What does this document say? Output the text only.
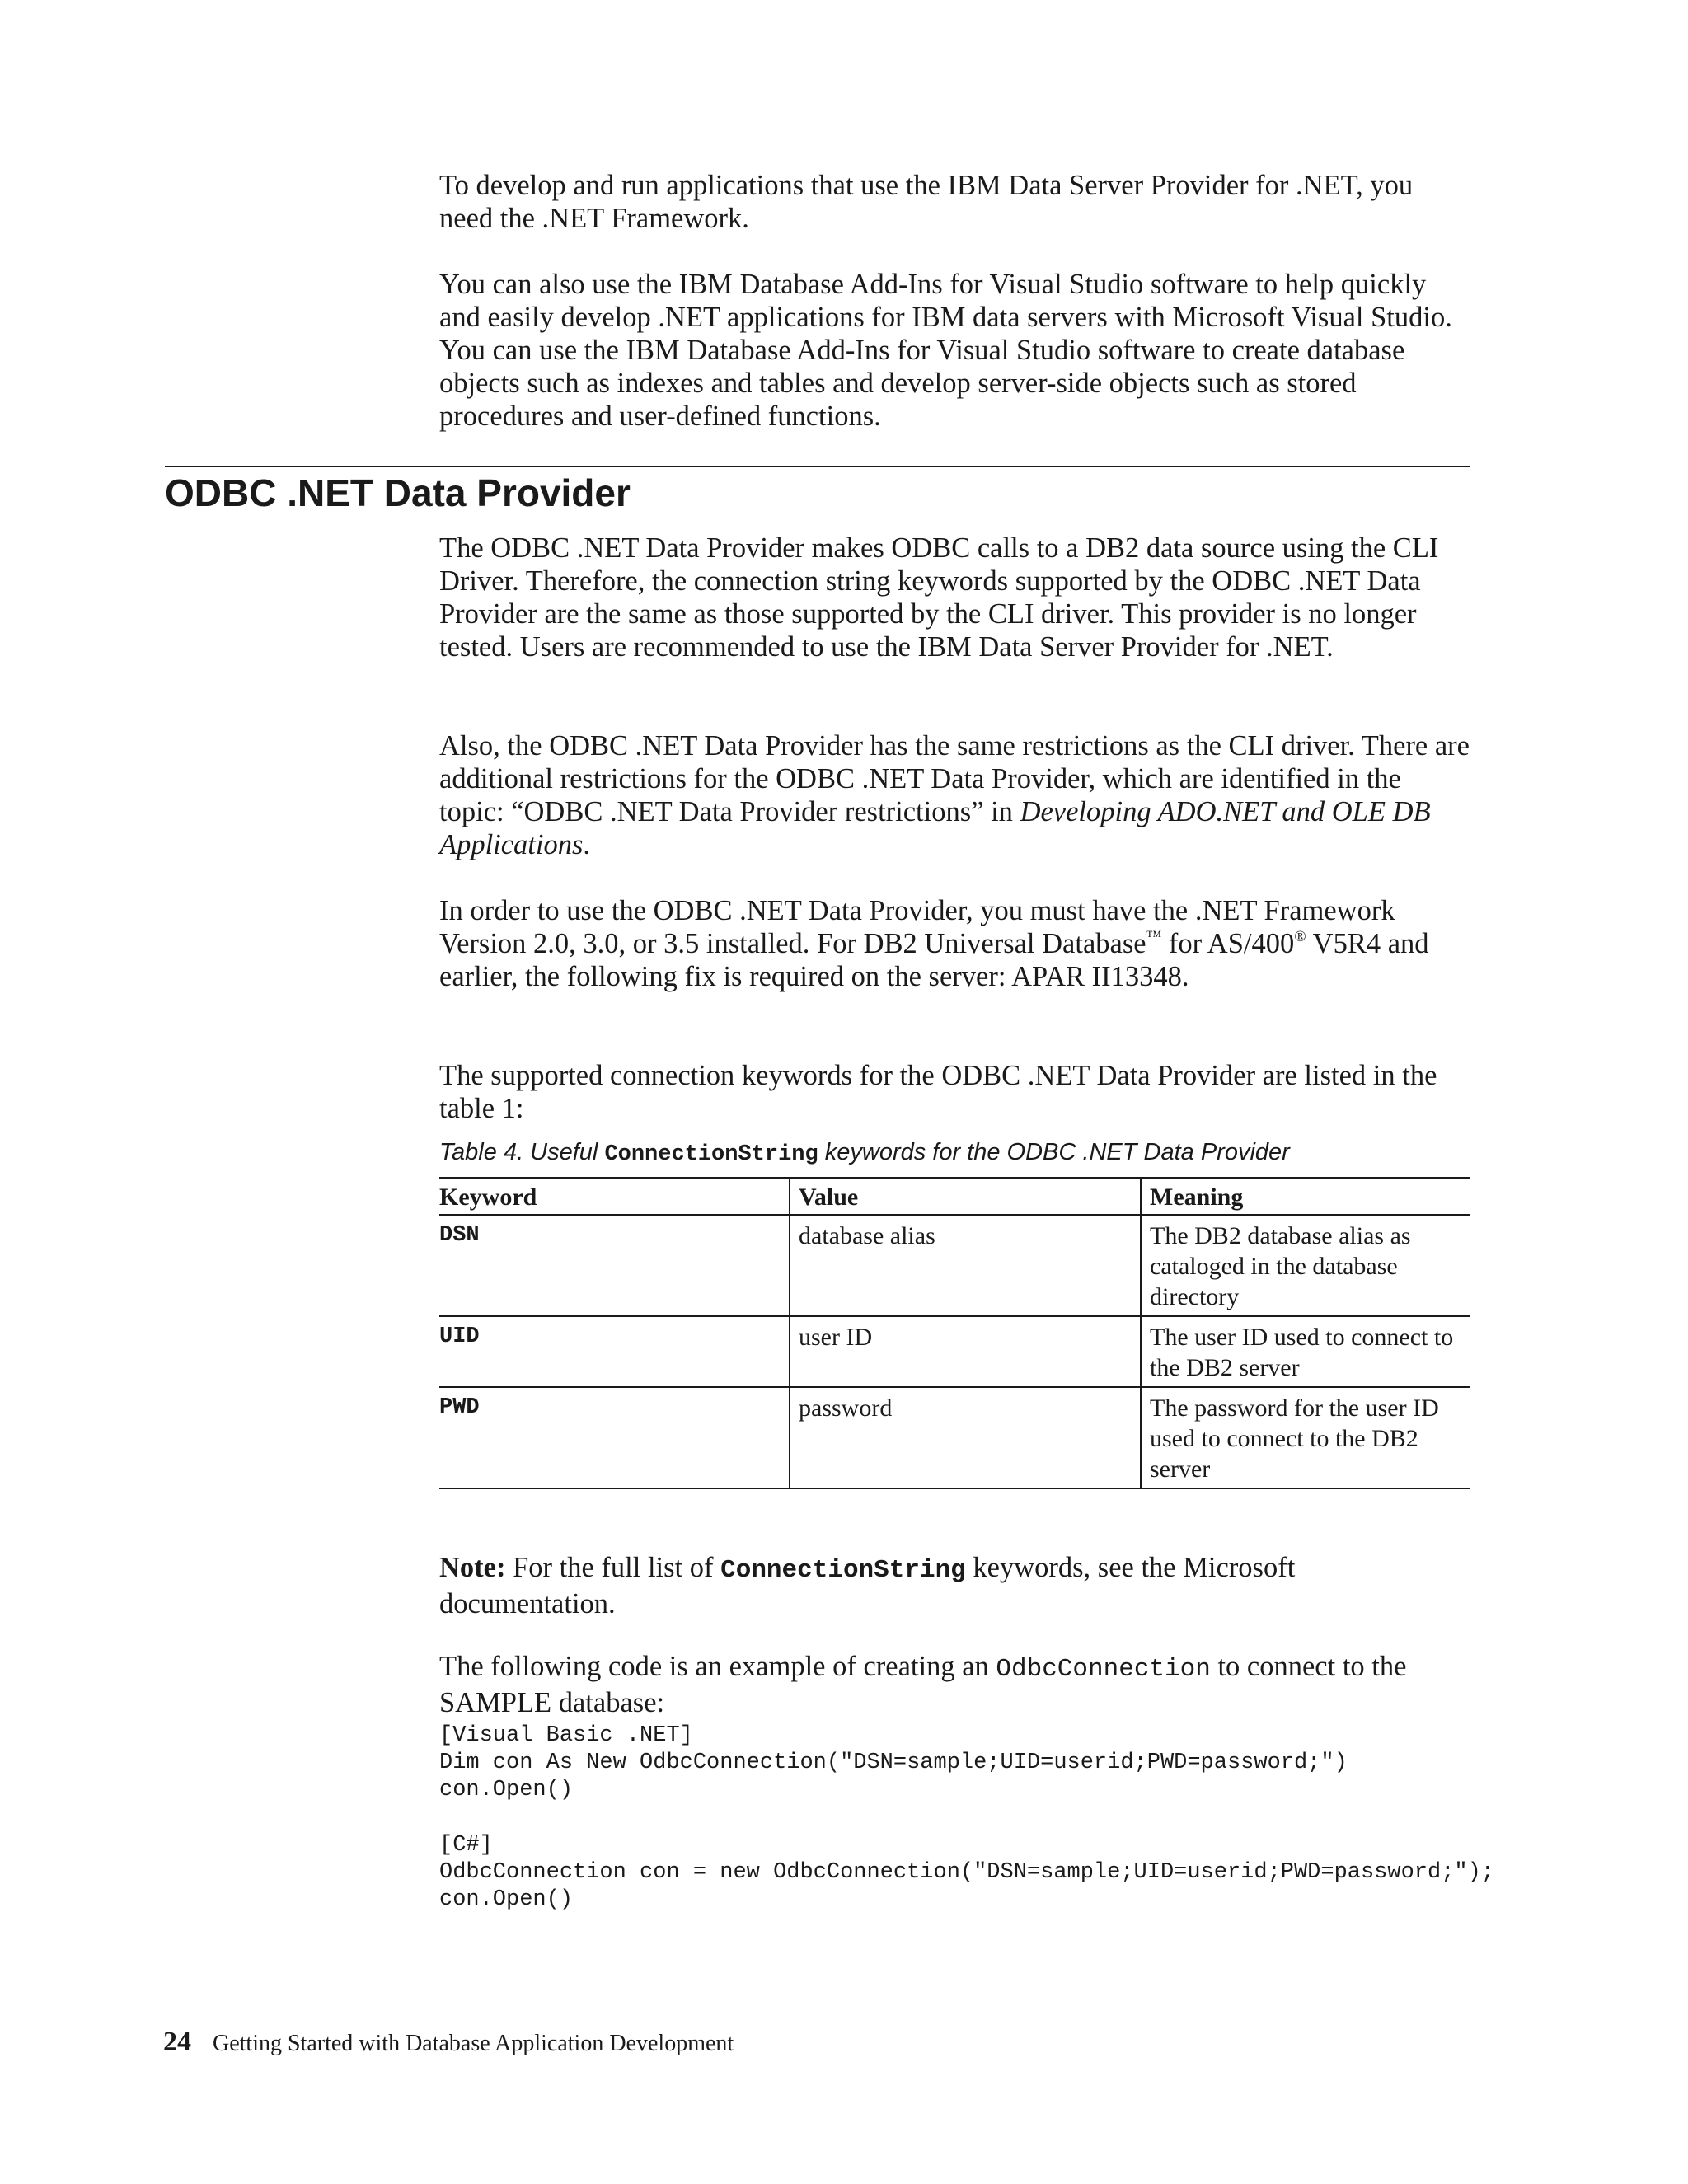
To develop and run applications that use the IBM Data Server Provider for .NET, you need the .NET Framework.

You can also use the IBM Database Add-Ins for Visual Studio software to help quickly and easily develop .NET applications for IBM data servers with Microsoft Visual Studio. You can use the IBM Database Add-Ins for Visual Studio software to create database objects such as indexes and tables and develop server-side objects such as stored procedures and user-defined functions.

ODBC .NET Data Provider

The ODBC .NET Data Provider makes ODBC calls to a DB2 data source using the CLI Driver. Therefore, the connection string keywords supported by the ODBC .NET Data Provider are the same as those supported by the CLI driver. This provider is no longer tested. Users are recommended to use the IBM Data Server Provider for .NET.

Also, the ODBC .NET Data Provider has the same restrictions as the CLI driver. There are additional restrictions for the ODBC .NET Data Provider, which are identified in the topic: “ODBC .NET Data Provider restrictions” in Developing ADO.NET and OLE DB Applications.

In order to use the ODBC .NET Data Provider, you must have the .NET Framework Version 2.0, 3.0, or 3.5 installed. For DB2 Universal Database™ for AS/400® V5R4 and earlier, the following fix is required on the server: APAR II13348.

The supported connection keywords for the ODBC .NET Data Provider are listed in the table 1:

Table 4. Useful ConnectionString keywords for the ODBC .NET Data Provider

Keyword	Value	Meaning
DSN	database alias	The DB2 database alias as cataloged in the database directory
UID	user ID	The user ID used to connect to the DB2 server
PWD	password	The password for the user ID used to connect to the DB2 server

Note: For the full list of ConnectionString keywords, see the Microsoft documentation.

The following code is an example of creating an OdbcConnection to connect to the SAMPLE database:

[Visual Basic .NET]
Dim con As New OdbcConnection("DSN=sample;UID=userid;PWD=password;")
con.Open()
[C#]
OdbcConnection con = new OdbcConnection("DSN=sample;UID=userid;PWD=password;");
con.Open()

24 Getting Started with Database Application Development
